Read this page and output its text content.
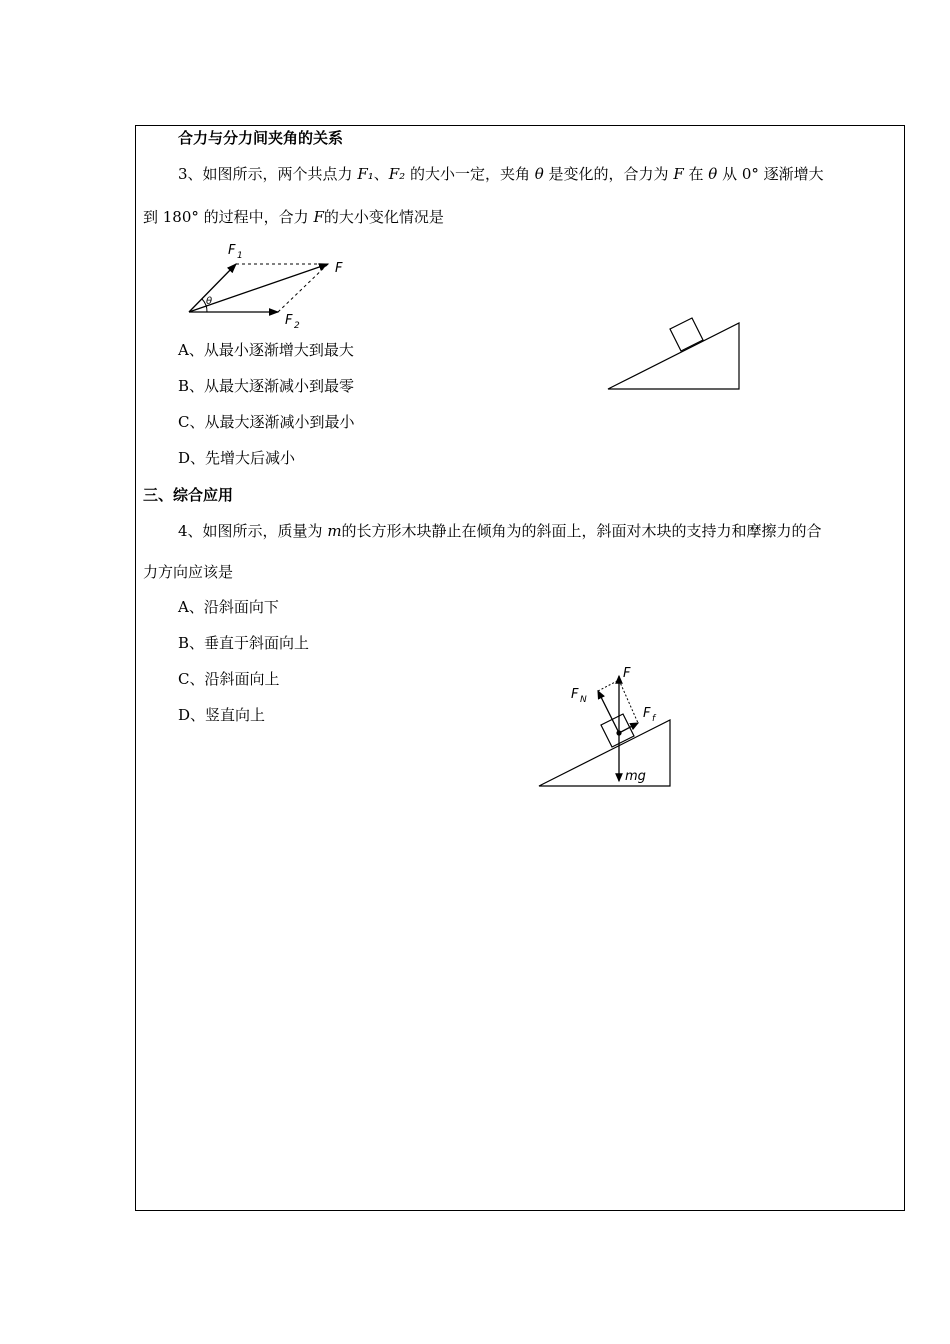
合力与分力间夹角的关系
3、如图所示，两个共点力 F₁、F₂ 的大小一定，夹角 θ 是变化的，合力为 F 在 θ 从 0° 逐渐增大
到 180° 的过程中，合力 F的大小变化情况是
θ
F 1
F
F 2
A、从最小逐渐增大到最大
B、从最大逐渐减小到最零
C、从最大逐渐减小到最小
D、先增大后减小
三、综合应用
4、如图所示，质量为 m的长方形木块静止在倾角为的斜面上，斜面对木块的支持力和摩擦力的合
力方向应该是
A、沿斜面向下
B、垂直于斜面向上
C、沿斜面向上
D、竖直向上
F
F N
F f
mg
